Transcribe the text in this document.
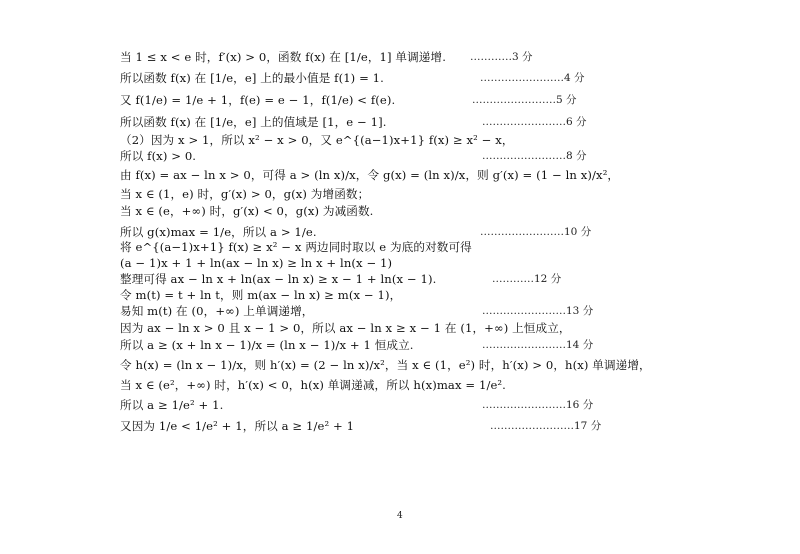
当 1 ≤ x < e 时，f′(x) > 0，函数 f(x) 在 [1/e，1] 单调递增. …………3 分
所以函数 f(x) 在 [1/e，e] 上的最小值是 f(1) = 1.	……………………4 分
又 f(1/e) = 1/e + 1，f(e) = e − 1，f(1/e) < f(e).	……………………5 分
所以函数 f(x) 在 [1/e，e] 上的值域是 [1，e − 1].	……………………6 分
（2）因为 x > 1，所以 x² − x > 0，又 e^{(a−1)x+1} f(x) ≥ x² − x，
所以 f(x) > 0.	……………………8 分
由 f(x) = ax − ln x > 0，可得 a > (ln x)/x，令 g(x) = (ln x)/x，则 g′(x) = (1 − ln x)/x²，
当 x ∈ (1，e) 时，g′(x) > 0，g(x) 为增函数；
当 x ∈ (e，+∞) 时，g′(x) < 0，g(x) 为减函数.
所以 g(x)max = 1/e，所以 a > 1/e.	……………………10 分
将 e^{(a−1)x+1} f(x) ≥ x² − x 两边同时取以 e 为底的对数可得
(a − 1)x + 1 + ln(ax − ln x) ≥ ln x + ln(x − 1)
整理可得 ax − ln x + ln(ax − ln x) ≥ x − 1 + ln(x − 1).	…………12 分
令 m(t) = t + ln t，则 m(ax − ln x) ≥ m(x − 1)，
易知 m(t) 在 (0，+∞) 上单调递增，	……………………13 分
因为 ax − ln x > 0 且 x − 1 > 0，所以 ax − ln x ≥ x − 1 在 (1，+∞) 上恒成立，
所以 a ≥ (x + ln x − 1)/x = (ln x − 1)/x + 1 恒成立.	……………………14 分
令 h(x) = (ln x − 1)/x，则 h′(x) = (2 − ln x)/x²，当 x ∈ (1，e²) 时，h′(x) > 0，h(x) 单调递增，
当 x ∈ (e²，+∞) 时，h′(x) < 0，h(x) 单调递减，所以 h(x)max = 1/e².
所以 a ≥ 1/e² + 1.	……………………16 分
又因为 1/e < 1/e² + 1，所以 a ≥ 1/e² + 1	……………………17 分
4
